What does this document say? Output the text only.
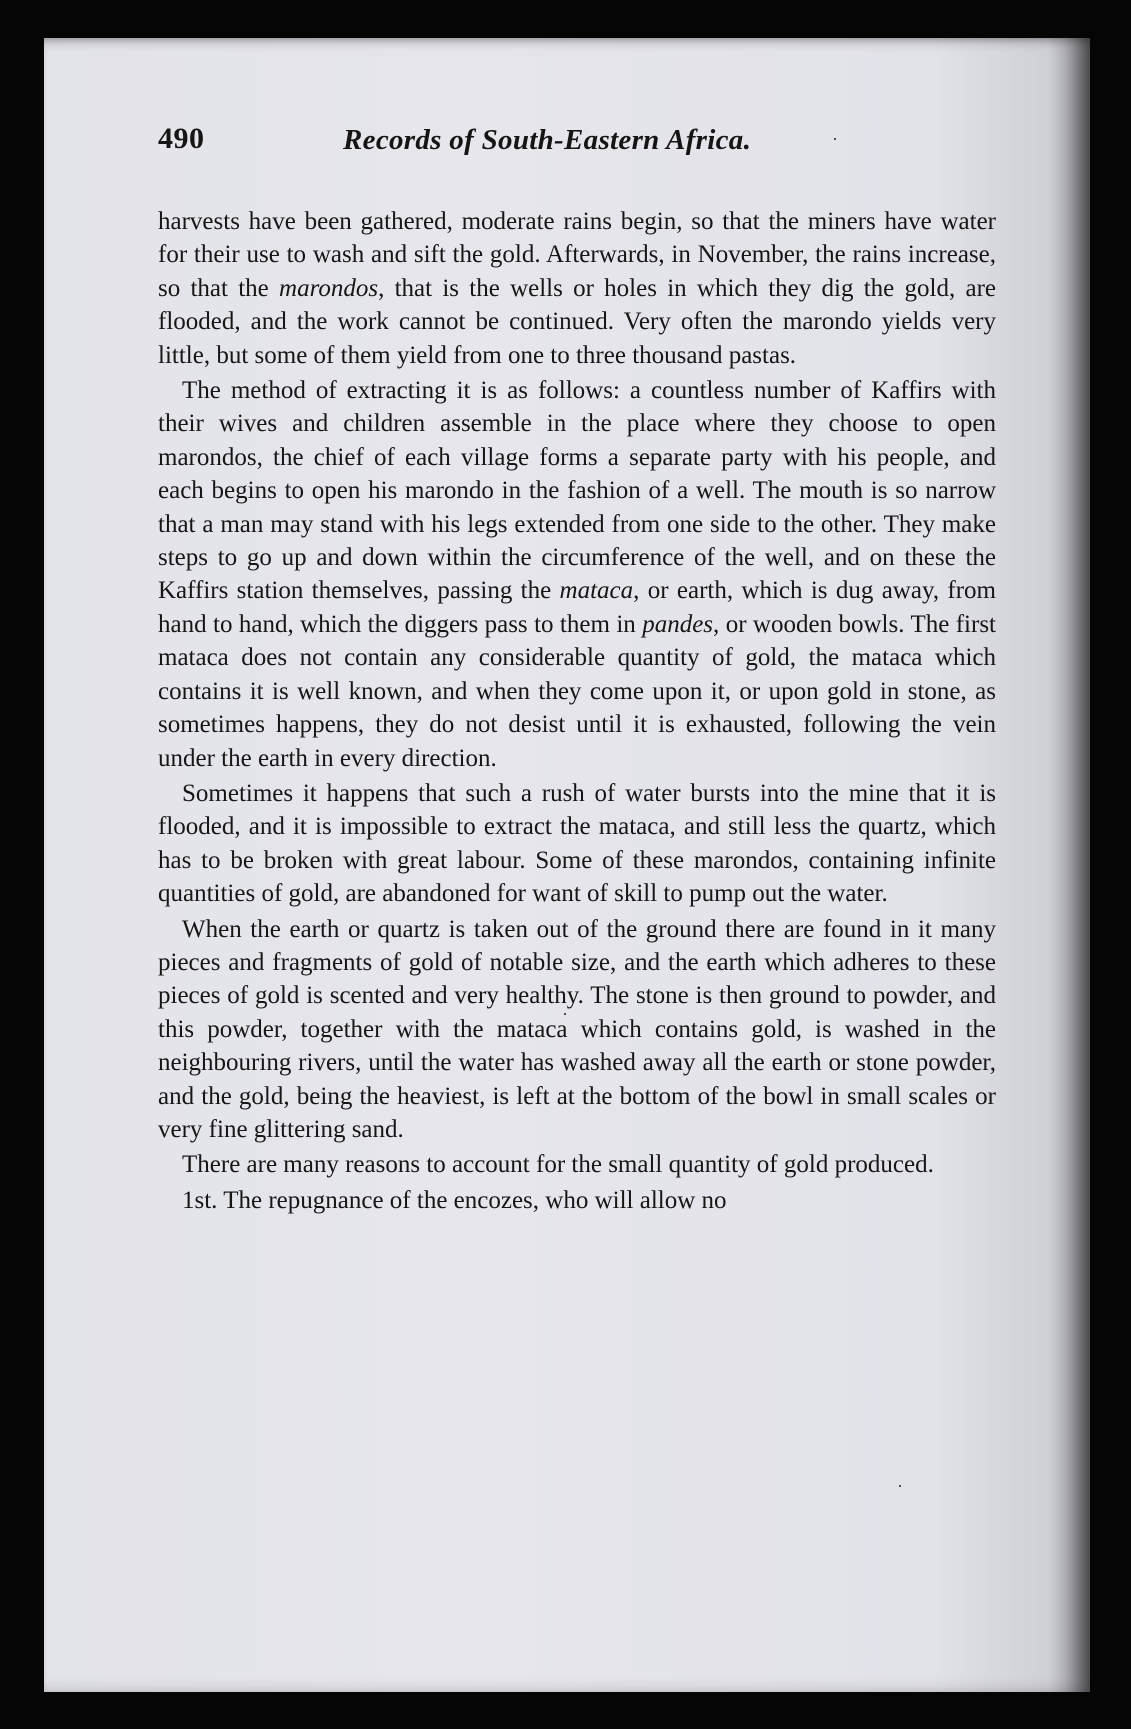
490	Records of South-Eastern Africa.

harvests have been gathered, moderate rains begin, so that the miners have water for their use to wash and sift the gold. Afterwards, in November, the rains increase, so that the marondos, that is the wells or holes in which they dig the gold, are flooded, and the work cannot be continued. Very often the marondo yields very little, but some of them yield from one to three thousand pastas.

The method of extracting it is as follows: a countless number of Kaffirs with their wives and children assemble in the place where they choose to open marondos, the chief of each village forms a separate party with his people, and each begins to open his marondo in the fashion of a well. The mouth is so narrow that a man may stand with his legs extended from one side to the other. They make steps to go up and down within the circumference of the well, and on these the Kaffirs station themselves, passing the mataca, or earth, which is dug away, from hand to hand, which the diggers pass to them in pandes, or wooden bowls. The first mataca does not contain any considerable quantity of gold, the mataca which contains it is well known, and when they come upon it, or upon gold in stone, as sometimes happens, they do not desist until it is exhausted, following the vein under the earth in every direction.

Sometimes it happens that such a rush of water bursts into the mine that it is flooded, and it is impossible to extract the mataca, and still less the quartz, which has to be broken with great labour. Some of these marondos, containing infinite quantities of gold, are abandoned for want of skill to pump out the water.

When the earth or quartz is taken out of the ground there are found in it many pieces and fragments of gold of notable size, and the earth which adheres to these pieces of gold is scented and very healthy. The stone is then ground to powder, and this powder, together with the mataca which contains gold, is washed in the neighbouring rivers, until the water has washed away all the earth or stone powder, and the gold, being the heaviest, is left at the bottom of the bowl in small scales or very fine glittering sand.

There are many reasons to account for the small quantity of gold produced.

1st. The repugnance of the encozes, who will allow no
